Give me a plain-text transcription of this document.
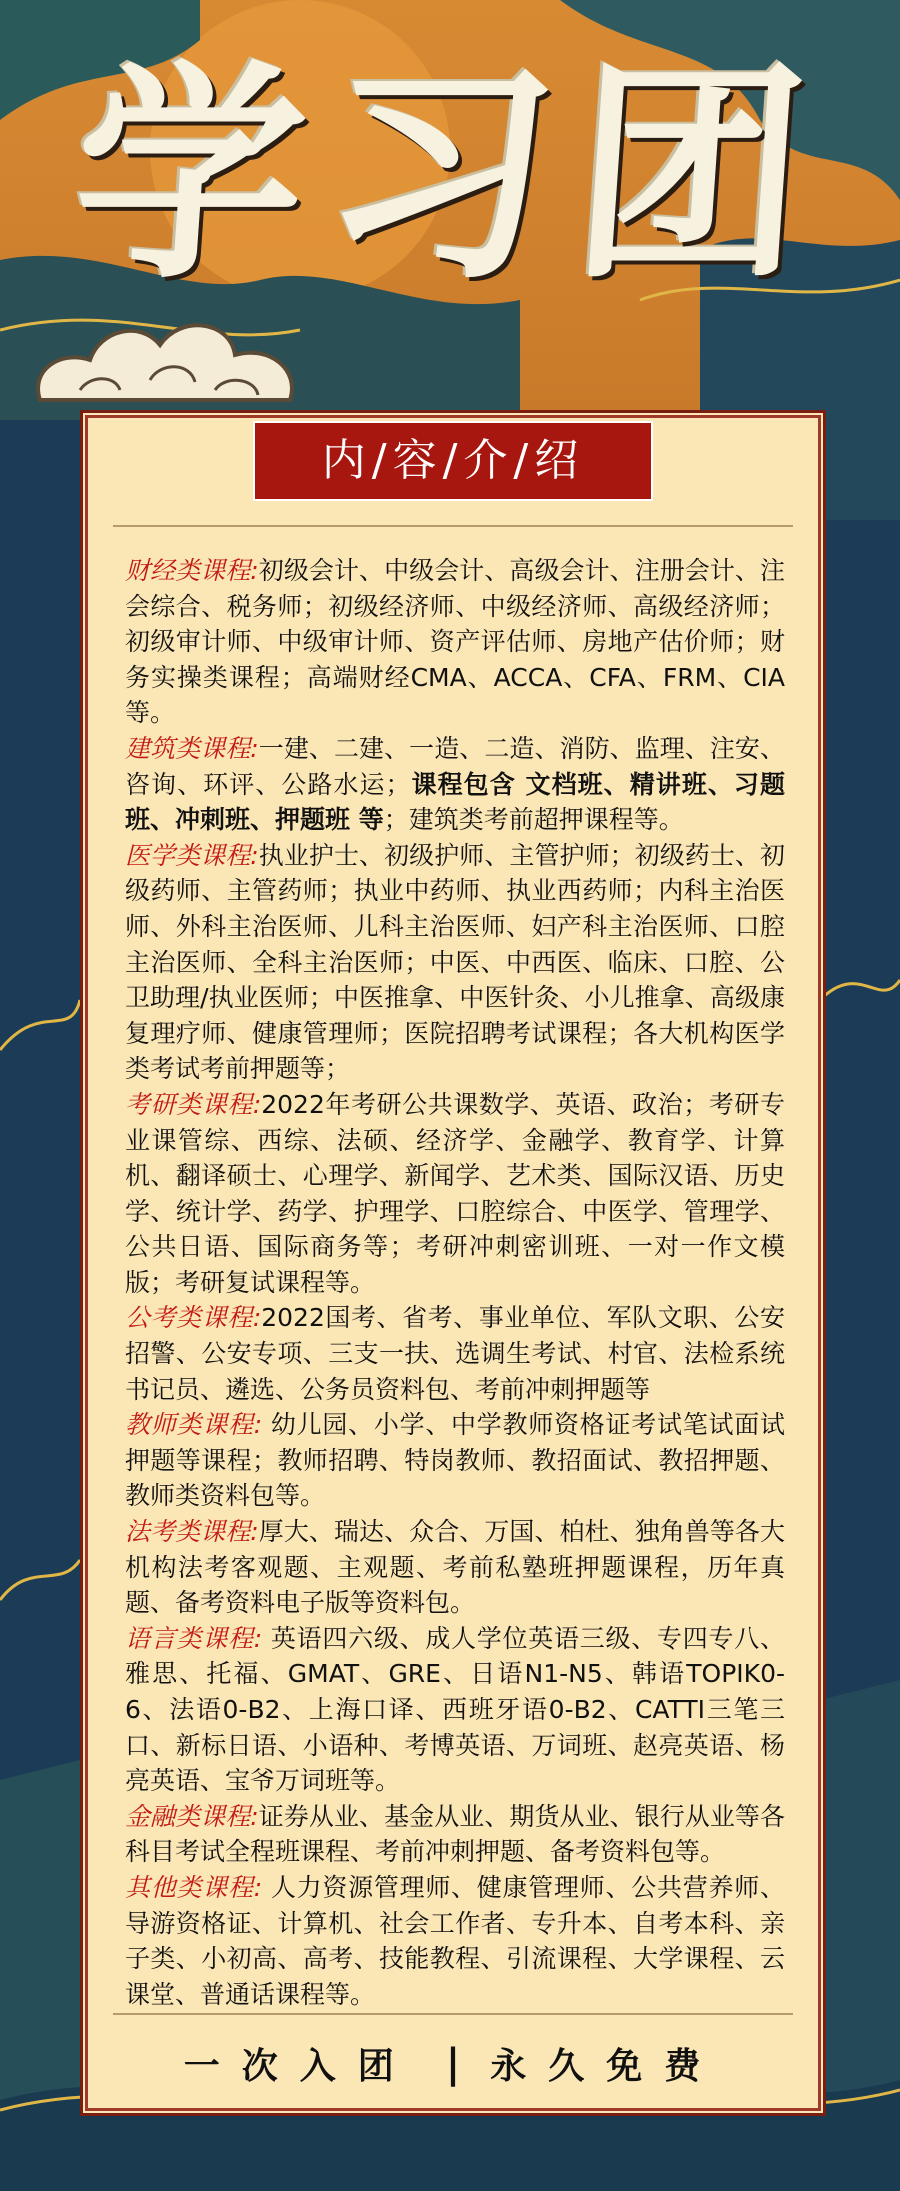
学习团
内/容/介/绍

财经类课程:初级会计、中级会计、高级会计、注册会计、注会综合、税务师；初级经济师、中级经济师、高级经济师；初级审计师、中级审计师、资产评估师、房地产估价师；财务实操类课程；高端财经CMA、ACCA、CFA、FRM、CIA等。

建筑类课程:一建、二建、一造、二造、消防、监理、注安、咨询、环评、公路水运；课程包含 文档班、精讲班、习题班、冲刺班、押题班 等；建筑类考前超押课程等。

医学类课程:执业护士、初级护师、主管护师；初级药士、初级药师、主管药师；执业中药师、执业西药师；内科主治医师、外科主治医师、儿科主治医师、妇产科主治医师、口腔主治医师、全科主治医师；中医、中西医、临床、口腔、公卫助理/执业医师；中医推拿、中医针灸、小儿推拿、高级康复理疗师、健康管理师；医院招聘考试课程；各大机构医学类考试考前押题等；

考研类课程:2022年考研公共课数学、英语、政治；考研专业课管综、西综、法硕、经济学、金融学、教育学、计算机、翻译硕士、心理学、新闻学、艺术类、国际汉语、历史学、统计学、药学、护理学、口腔综合、中医学、管理学、公共日语、国际商务等；考研冲刺密训班、一对一作文模版；考研复试课程等。

公考类课程:2022国考、省考、事业单位、军队文职、公安招警、公安专项、三支一扶、选调生考试、村官、法检系统书记员、遴选、公务员资料包、考前冲刺押题等

教师类课程: 幼儿园、小学、中学教师资格证考试笔试面试押题等课程；教师招聘、特岗教师、教招面试、教招押题、教师类资料包等。

法考类课程:厚大、瑞达、众合、万国、柏杜、独角兽等各大机构法考客观题、主观题、考前私塾班押题课程，历年真题、备考资料电子版等资料包。

语言类课程: 英语四六级、成人学位英语三级、专四专八、雅思、托福、GMAT、GRE、日语N1-N5、韩语TOPIK0-6、法语0-B2、上海口译、西班牙语0-B2、CATTI三笔三口、新标日语、小语种、考博英语、万词班、赵亮英语、杨亮英语、宝爷万词班等。

金融类课程:证券从业、基金从业、期货从业、银行从业等各科目考试全程班课程、考前冲刺押题、备考资料包等。

其他类课程: 人力资源管理师、健康管理师、公共营养师、导游资格证、计算机、社会工作者、专升本、自考本科、亲子类、小初高、高考、技能教程、引流课程、大学课程、云课堂、普通话课程等。

一次入团 | 永久免费
